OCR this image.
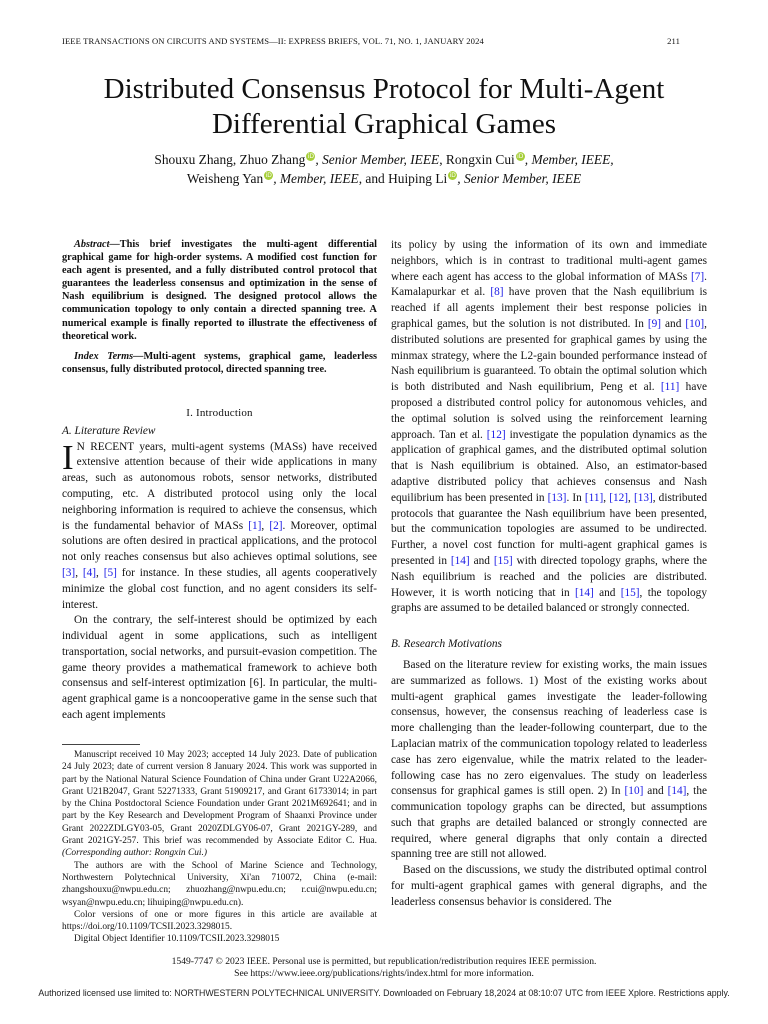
IEEE TRANSACTIONS ON CIRCUITS AND SYSTEMS—II: EXPRESS BRIEFS, VOL. 71, NO. 1, JANUARY 2024	211
Distributed Consensus Protocol for Multi-Agent
Differential Graphical Games
Shouxu Zhang, Zhuo Zhang iD, Senior Member, IEEE, Rongxin Cui iD, Member, IEEE,
Weisheng Yan iD, Member, IEEE, and Huiping Li iD, Senior Member, IEEE

Abstract—This brief investigates the multi-agent differential graphical game for high-order systems. A modified cost function for each agent is presented, and a fully distributed control protocol that guarantees the leaderless consensus and optimization in the sense of Nash equilibrium is designed. The designed protocol allows the communication topology to only contain a directed spanning tree. A numerical example is finally reported to illustrate the effectiveness of theoretical work.

Index Terms—Multi-agent systems, graphical game, leaderless consensus, fully distributed protocol, directed spanning tree.

I. Introduction

A. Literature Review

I N RECENT years, multi-agent systems (MASs) have received extensive attention because of their wide applications in many areas, such as autonomous robots, sensor networks, distributed computing, etc. A distributed protocol using only the local neighboring information is required to achieve the consensus, which is the fundamental behavior of MASs [1], [2]. Moreover, optimal solutions are often desired in practical applications, and the protocol not only reaches consensus but also achieves optimal solutions, see [3], [4], [5] for instance. In these studies, all agents cooperatively minimize the global cost function, and no agent considers its self-interest.

On the contrary, the self-interest should be optimized by each individual agent in some applications, such as intelligent transportation, social networks, and pursuit-evasion competition. The game theory provides a mathematical framework to achieve both consensus and self-interest optimization [6]. In particular, the multi-agent graphical game is a noncooperative game in the sense such that each agent implements

Manuscript received 10 May 2023; accepted 14 July 2023. Date of publication 24 July 2023; date of current version 8 January 2024. This work was supported in part by the National Natural Science Foundation of China under Grant U22A2066, Grant U21B2047, Grant 52271333, Grant 51909217, and Grant 61733014; in part by the China Postdoctoral Science Foundation under Grant 2021M692641; and in part by the Key Research and Development Program of Shaanxi Province under Grant 2022ZDLGY03-05, Grant 2020ZDLGY06-07, Grant 2021GY-289, and Grant 2021GY-257. This brief was recommended by Associate Editor C. Hua. (Corresponding author: Rongxin Cui.)

The authors are with the School of Marine Science and Technology, Northwestern Polytechnical University, Xi'an 710072, China (e-mail: zhangshouxu@nwpu.edu.cn; zhuozhang@nwpu.edu.cn; r.cui@nwpu.edu.cn; wsyan@nwpu.edu.cn; lihuiping@nwpu.edu.cn).

Color versions of one or more figures in this article are available at https://doi.org/10.1109/TCSII.2023.3298015.

Digital Object Identifier 10.1109/TCSII.2023.3298015

its policy by using the information of its own and immediate neighbors, which is in contrast to traditional multi-agent games where each agent has access to the global information of MASs [7]. Kamalapurkar et al. [8] have proven that the Nash equilibrium is reached if all agents implement their best response policies in graphical games, but the solution is not distributed. In [9] and [10], distributed solutions are presented for graphical games by using the minmax strategy, where the L2-gain bounded performance instead of Nash equilibrium is guaranteed. To obtain the optimal solution which is both distributed and Nash equilibrium, Peng et al. [11] have proposed a distributed control policy for autonomous vehicles, and the optimal solution is solved using the reinforcement learning approach. Tan et al. [12] investigate the population dynamics as the application of graphical games, and the distributed optimal solution that is Nash equilibrium is obtained. Also, an estimator-based adaptive distributed policy that achieves consensus and Nash equilibrium has been presented in [13]. In [11], [12], [13], distributed protocols that guarantee the Nash equilibrium have been presented, but the communication topologies are assumed to be undirected. Further, a novel cost function for multi-agent graphical games is presented in [14] and [15] with directed topology graphs, where the Nash equilibrium is reached and the policies are distributed. However, it is worth noticing that in [14] and [15], the topology graphs are assumed to be detailed balanced or strongly connected.

B. Research Motivations

Based on the literature review for existing works, the main issues are summarized as follows. 1) Most of the existing works about multi-agent graphical games investigate the leader-following consensus, however, the consensus reaching of leaderless case is more challenging than the leader-following counterpart, due to the Laplacian matrix of the communication topology related to leaderless case has zero eigenvalue, while the matrix related to the leader-following case has no zero eigenvalues. The study on leaderless consensus for graphical games is still open. 2) In [10] and [14], the communication topology graphs can be directed, but assumptions such that graphs are detailed balanced or strongly connected are required, where general digraphs that only contain a directed spanning tree are still not allowed.

Based on the discussions, we study the distributed optimal control for multi-agent graphical games with general digraphs, and the leaderless consensus behavior is considered. The

1549-7747 © 2023 IEEE. Personal use is permitted, but republication/redistribution requires IEEE permission.
See https://www.ieee.org/publications/rights/index.html for more information.
Authorized licensed use limited to: NORTHWESTERN POLYTECHNICAL UNIVERSITY. Downloaded on February 18,2024 at 08:10:07 UTC from IEEE Xplore. Restrictions apply.
